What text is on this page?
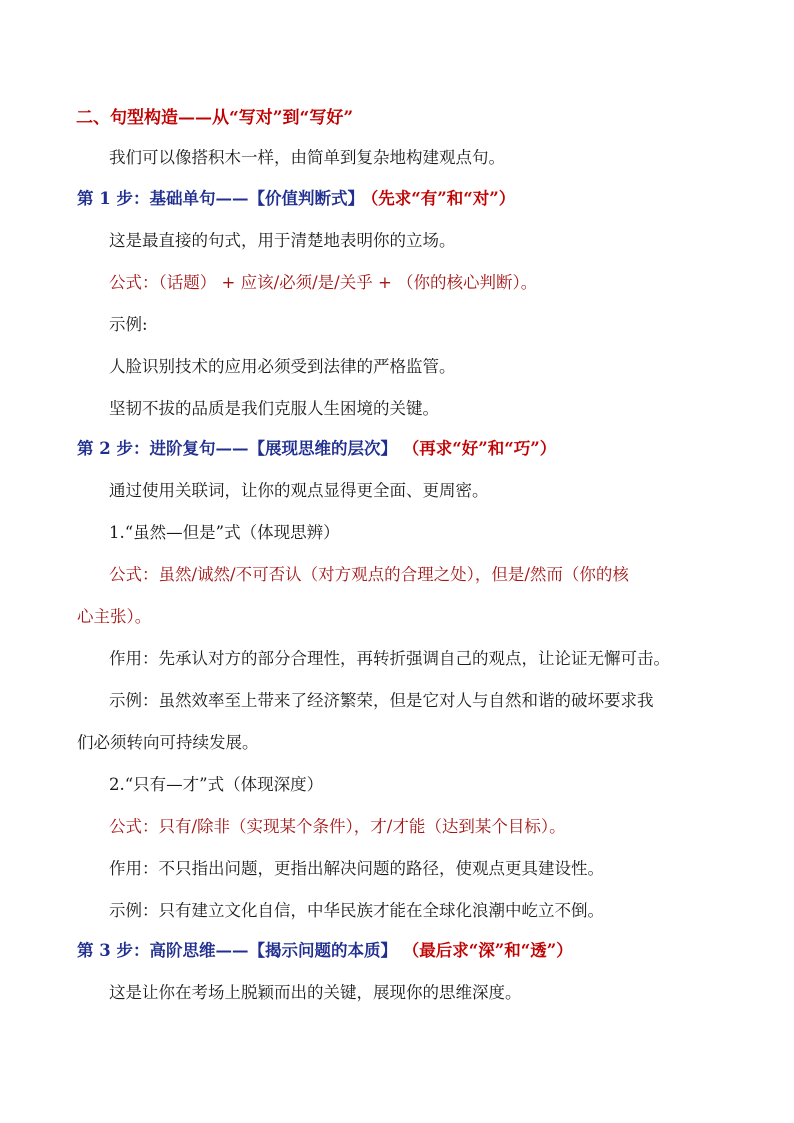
二、句型构造——从“写对”到“写好”
我们可以像搭积木一样，由简单到复杂地构建观点句。
第 1 步：基础单句——【价值判断式】 （先求“有”和“对”）
这是最直接的句式，用于清楚地表明你的立场。
公式：（话题） + 应该/必须/是/关乎 + （你的核心判断）。
示例:
人脸识别技术的应用必须受到法律的严格监管。
坚韧不拔的品质是我们克服人生困境的关键。
第 2 步：进阶复句——【展现思维的层次】 （再求“好”和“巧”）
通过使用关联词，让你的观点显得更全面、更周密。
1.“虽然—但是”式（体现思辨）
公式：虽然/诚然/不可否认（对方观点的合理之处），但是/然而（你的核
心主张）。
作用：先承认对方的部分合理性，再转折强调自己的观点，让论证无懈可击。
示例：虽然效率至上带来了经济繁荣，但是它对人与自然和谐的破坏要求我
们必须转向可持续发展。
2.“只有—才”式（体现深度）
公式：只有/除非（实现某个条件），才/才能（达到某个目标）。
作用：不只指出问题，更指出解决问题的路径，使观点更具建设性。
示例：只有建立文化自信，中华民族才能在全球化浪潮中屹立不倒。
第 3 步：高阶思维——【揭示问题的本质】 （最后求“深”和“透”）
这是让你在考场上脱颖而出的关键，展现你的思维深度。
